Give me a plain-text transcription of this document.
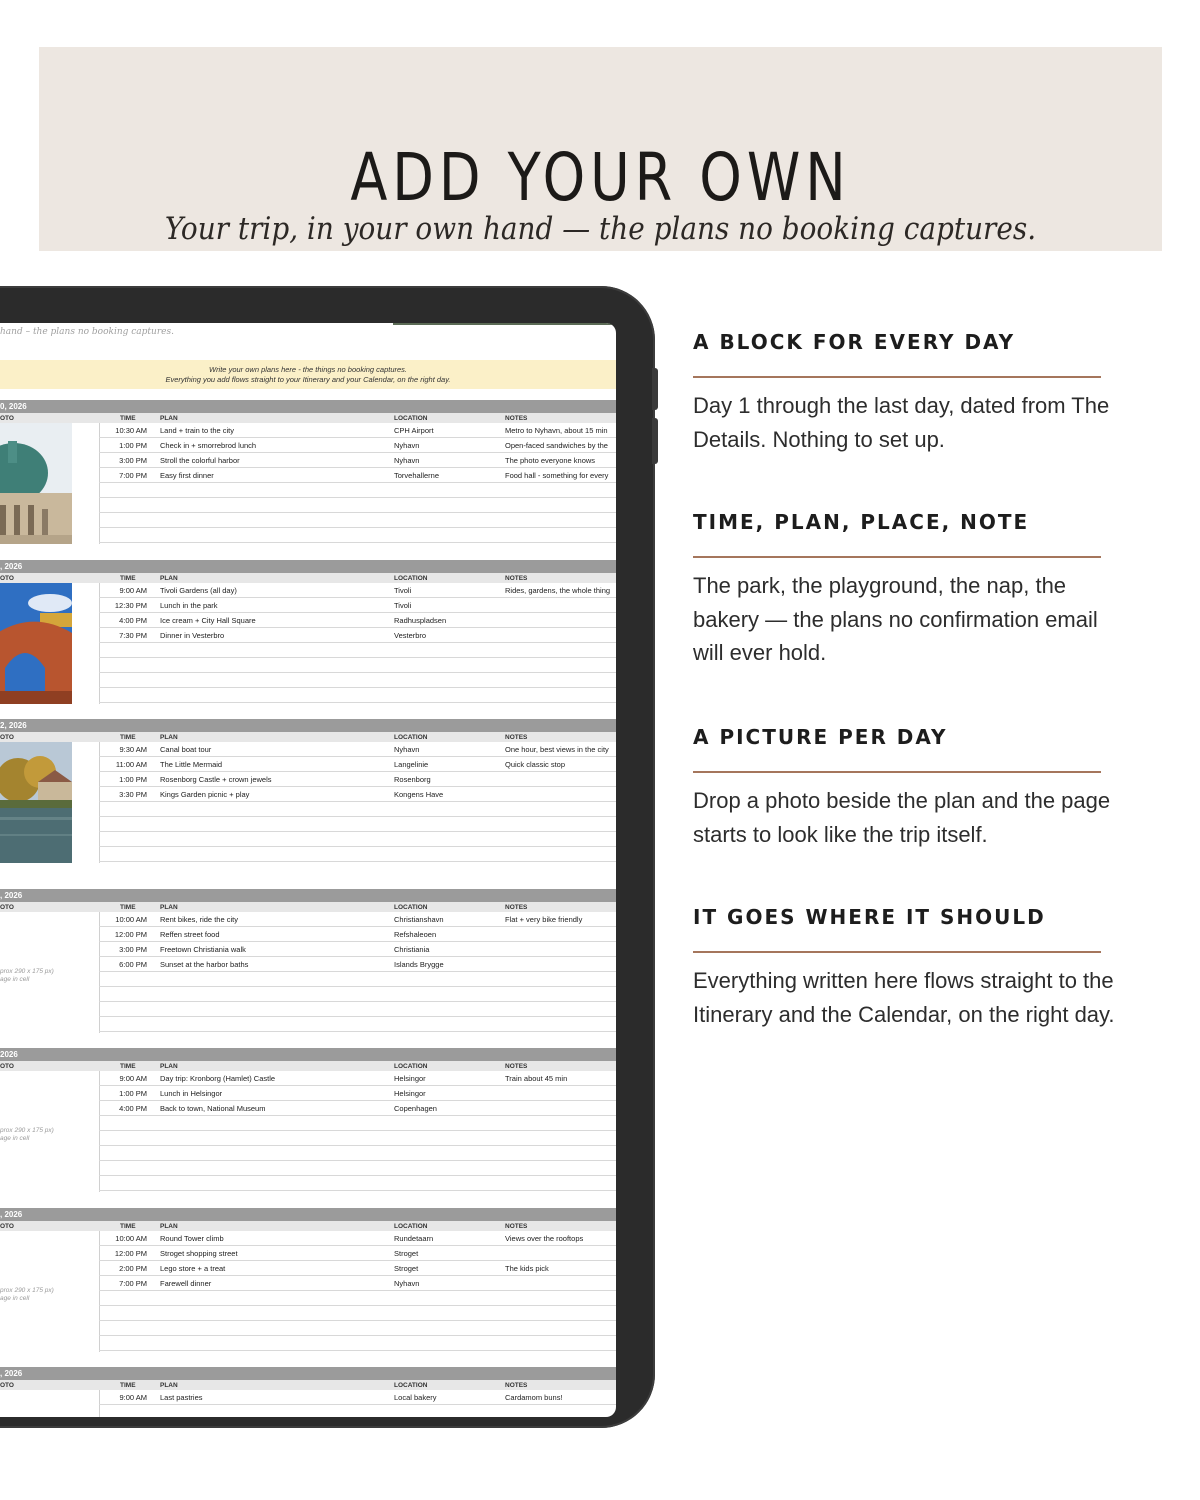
ADD YOUR OWN
Your trip, in your own hand — the plans no booking captures.
hand – the plans no booking captures.
Write your own plans here - the things no booking captures.
Everything you add flows straight to your Itinerary and your Calendar, on the right day.
0, 2026
OTO	TIME	PLAN	LOCATION	NOTES
10:30 AM Land + train to the city	CPH Airport	Metro to Nyhavn, about 15 min
1:00 PM Check in + smorrebrod lunch	Nyhavn	Open-faced sandwiches by the
3:00 PM Stroll the colorful harbor	Nyhavn	The photo everyone knows
7:00 PM Easy first dinner	Torvehallerne	Food hall - something for every
, 2026
OTO	TIME	PLAN	LOCATION	NOTES
9:00 AM Tivoli Gardens (all day)	Tivoli	Rides, gardens, the whole thing
12:30 PM Lunch in the park	Tivoli
4:00 PM Ice cream + City Hall Square	Radhuspladsen
7:30 PM Dinner in Vesterbro	Vesterbro
2, 2026
OTO	TIME	PLAN	LOCATION	NOTES
9:30 AM Canal boat tour	Nyhavn	One hour, best views in the city
11:00 AM The Little Mermaid	Langelinie	Quick classic stop
1:00 PM Rosenborg Castle + crown jewels	Rosenborg
3:30 PM Kings Garden picnic + play	Kongens Have
, 2026
OTO	TIME	PLAN	LOCATION	NOTES
prox 290 x 175 px)
age in cell
10:00 AM Rent bikes, ride the city	Christianshavn	Flat + very bike friendly
12:00 PM Reffen street food	Refshaleoen
3:00 PM Freetown Christiania walk	Christiania
6:00 PM Sunset at the harbor baths	Islands Brygge
2026
OTO	TIME	PLAN	LOCATION	NOTES
prox 290 x 175 px)
age in cell
9:00 AM Day trip: Kronborg (Hamlet) Castle	Helsingor	Train about 45 min
1:00 PM Lunch in Helsingor	Helsingor
4:00 PM Back to town, National Museum	Copenhagen
, 2026
OTO	TIME	PLAN	LOCATION	NOTES
prox 290 x 175 px)
age in cell
10:00 AM Round Tower climb	Rundetaarn	Views over the rooftops
12:00 PM Stroget shopping street	Stroget
2:00 PM Lego store + a treat	Stroget	The kids pick
7:00 PM Farewell dinner	Nyhavn
, 2026
OTO	TIME	PLAN	LOCATION	NOTES
9:00 AM Last pastries	Local bakery	Cardamom buns!
A BLOCK FOR EVERY DAY
Day 1 through the last day, dated from The Details. Nothing to set up.
TIME, PLAN, PLACE, NOTE
The park, the playground, the nap, the bakery — the plans no confirmation email will ever hold.
A PICTURE PER DAY
Drop a photo beside the plan and the page starts to look like the trip itself.
IT GOES WHERE IT SHOULD
Everything written here flows straight to the Itinerary and the Calendar, on the right day.
